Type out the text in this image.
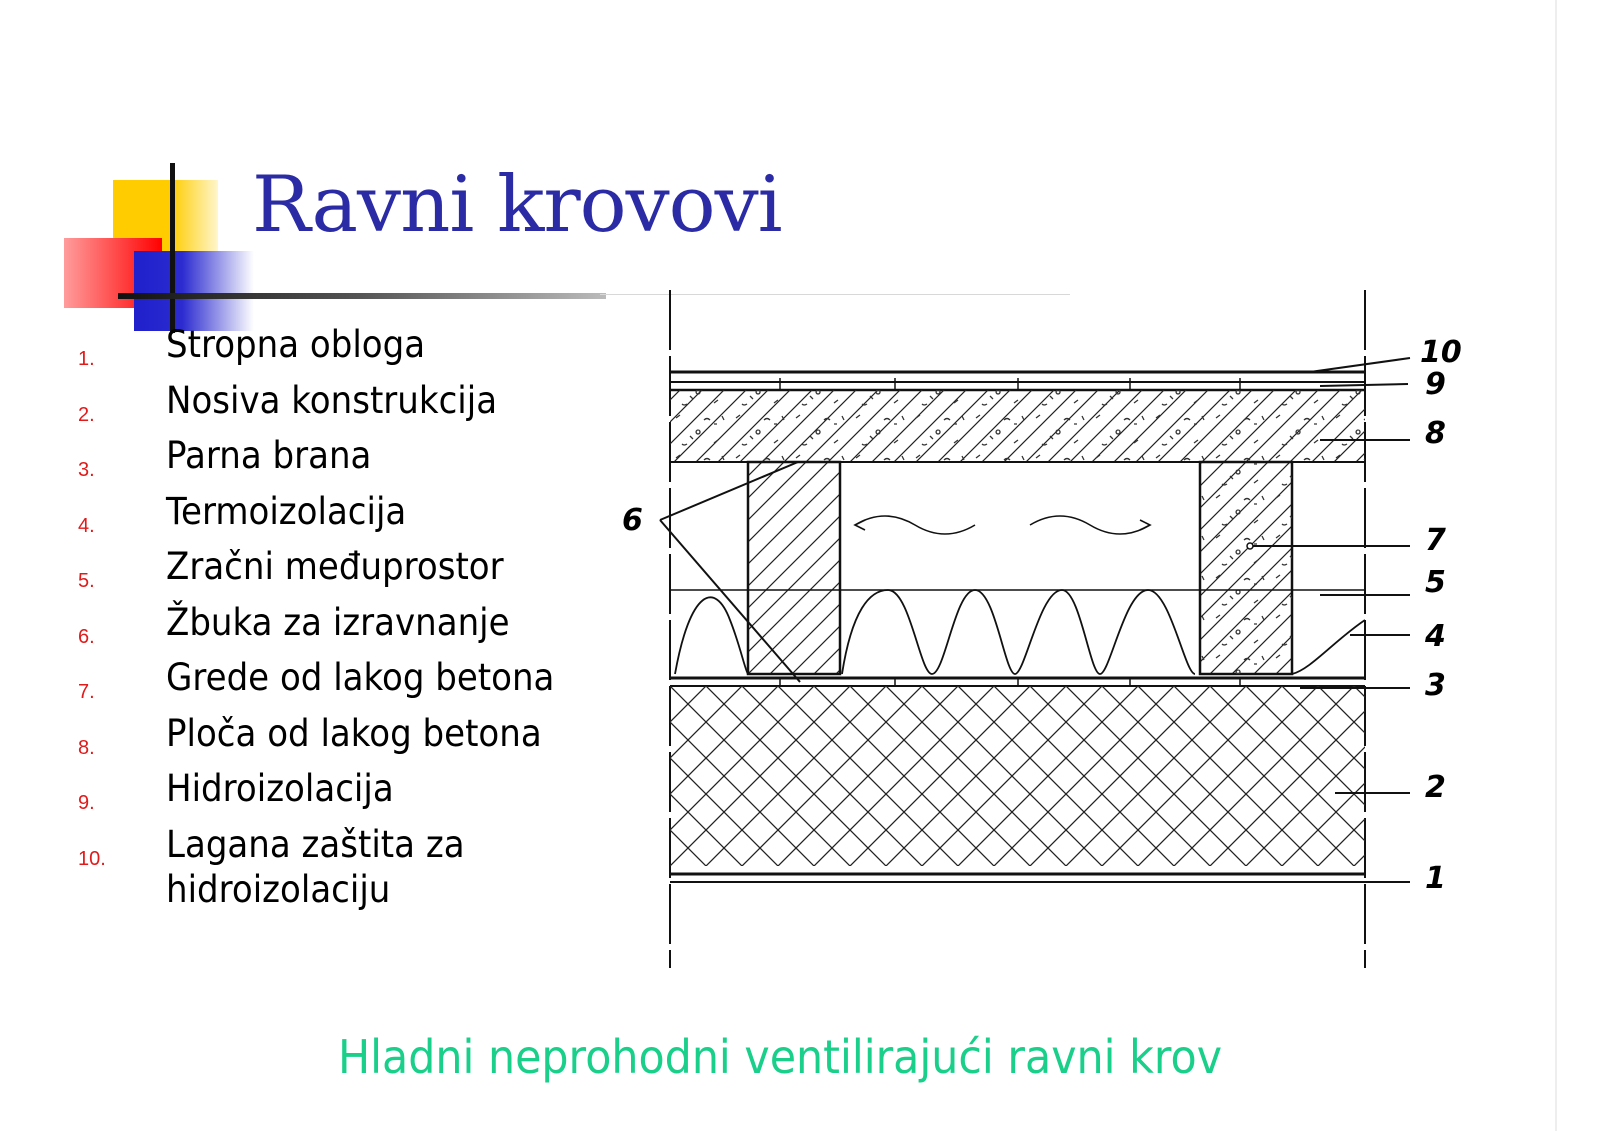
Ravni krovovi
1. Stropna obloga
2. Nosiva konstrukcija
3. Parna brana
4. Termoizolacija
5. Zračni međuprostor
6. Žbuka za izravnanje
7. Grede od lakog betona
8. Ploča od lakog betona
9. Hidroizolacija
10. Lagana zaštita za
hidroizolaciju
10
9
8
7
5
4
3
2
1
6
Hladni neprohodni ventilirajući ravni krov
